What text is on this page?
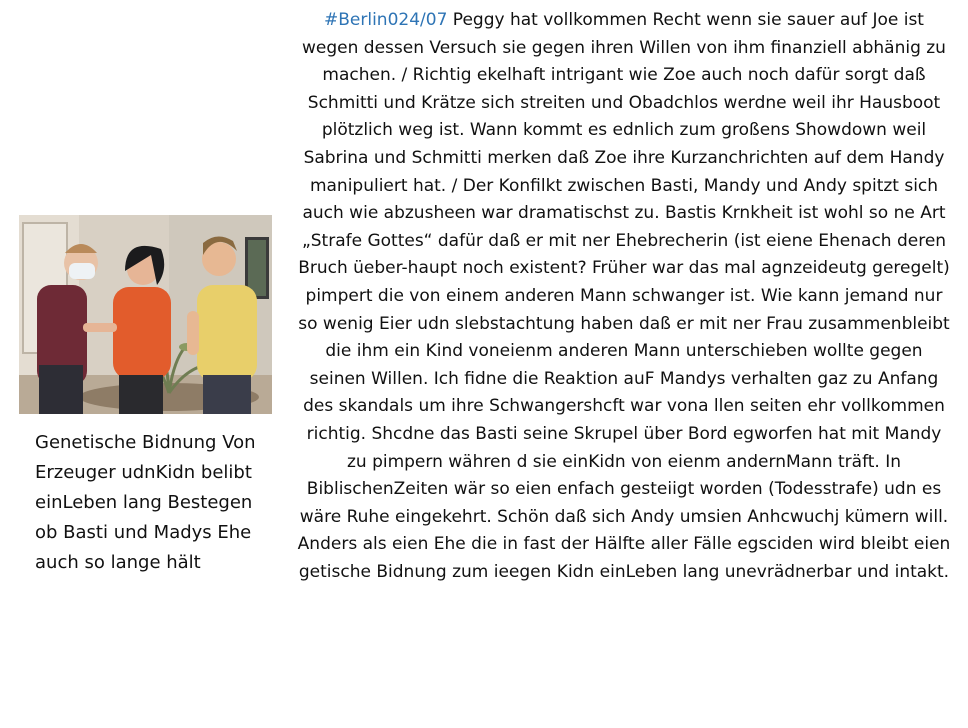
Genetische Bidnung Von Erzeuger udnKidn belibt einLeben lang Bestegen ob Basti und Madys Ehe auch so lange hält
#Berlin024/07 Peggy hat vollkommen Recht wenn sie sauer auf Joe ist wegen dessen Versuch sie gegen ihren Willen von ihm finanziell abhänig zu machen. / Richtig ekelhaft intrigant wie Zoe auch noch dafür sorgt daß Schmitti und Krätze sich streiten und Obadchlos werdne weil ihr Hausboot plötzlich weg ist. Wann kommt es ednlich zum großens Showdown weil Sabrina und Schmitti merken daß Zoe ihre Kurzanchrichten auf dem Handy manipuliert hat. / Der Konfilkt zwischen Basti, Mandy und Andy spitzt sich auch wie abzusheen war dramatischst zu. Bastis Krnkheit ist wohl so ne Art „Strafe Gottes“ dafür daß er mit ner Ehebrecherin (ist eiene Ehenach deren Bruch üeber-haupt noch existent? Früher war das mal agnzeideutg geregelt) pimpert die von einem anderen Mann schwanger ist. Wie kann jemand nur so wenig Eier udn slebstachtung haben daß er mit ner Frau zusammenbleibt die ihm ein Kind voneienm anderen Mann unterschieben wollte gegen seinen Willen. Ich fidne die Reaktion auF Mandys verhalten gaz zu Anfang des skandals um ihre Schwangershcft war vona llen seiten ehr vollkommen richtig. Shcdne das Basti seine Skrupel über Bord egworfen hat mit Mandy zu pimpern währen d sie einKidn von eienm andernMann träft. In BiblischenZeiten wär so eien enfach gesteiigt worden (Todesstrafe) udn es wäre Ruhe eingekehrt. Schön daß sich Andy umsien Anhcwuchj kümern will. Anders als eien Ehe die in fast der Hälfte aller Fälle egsciden wird bleibt eien getische Bidnung zum ieegen Kidn einLeben lang unevrädnerbar und intakt.
